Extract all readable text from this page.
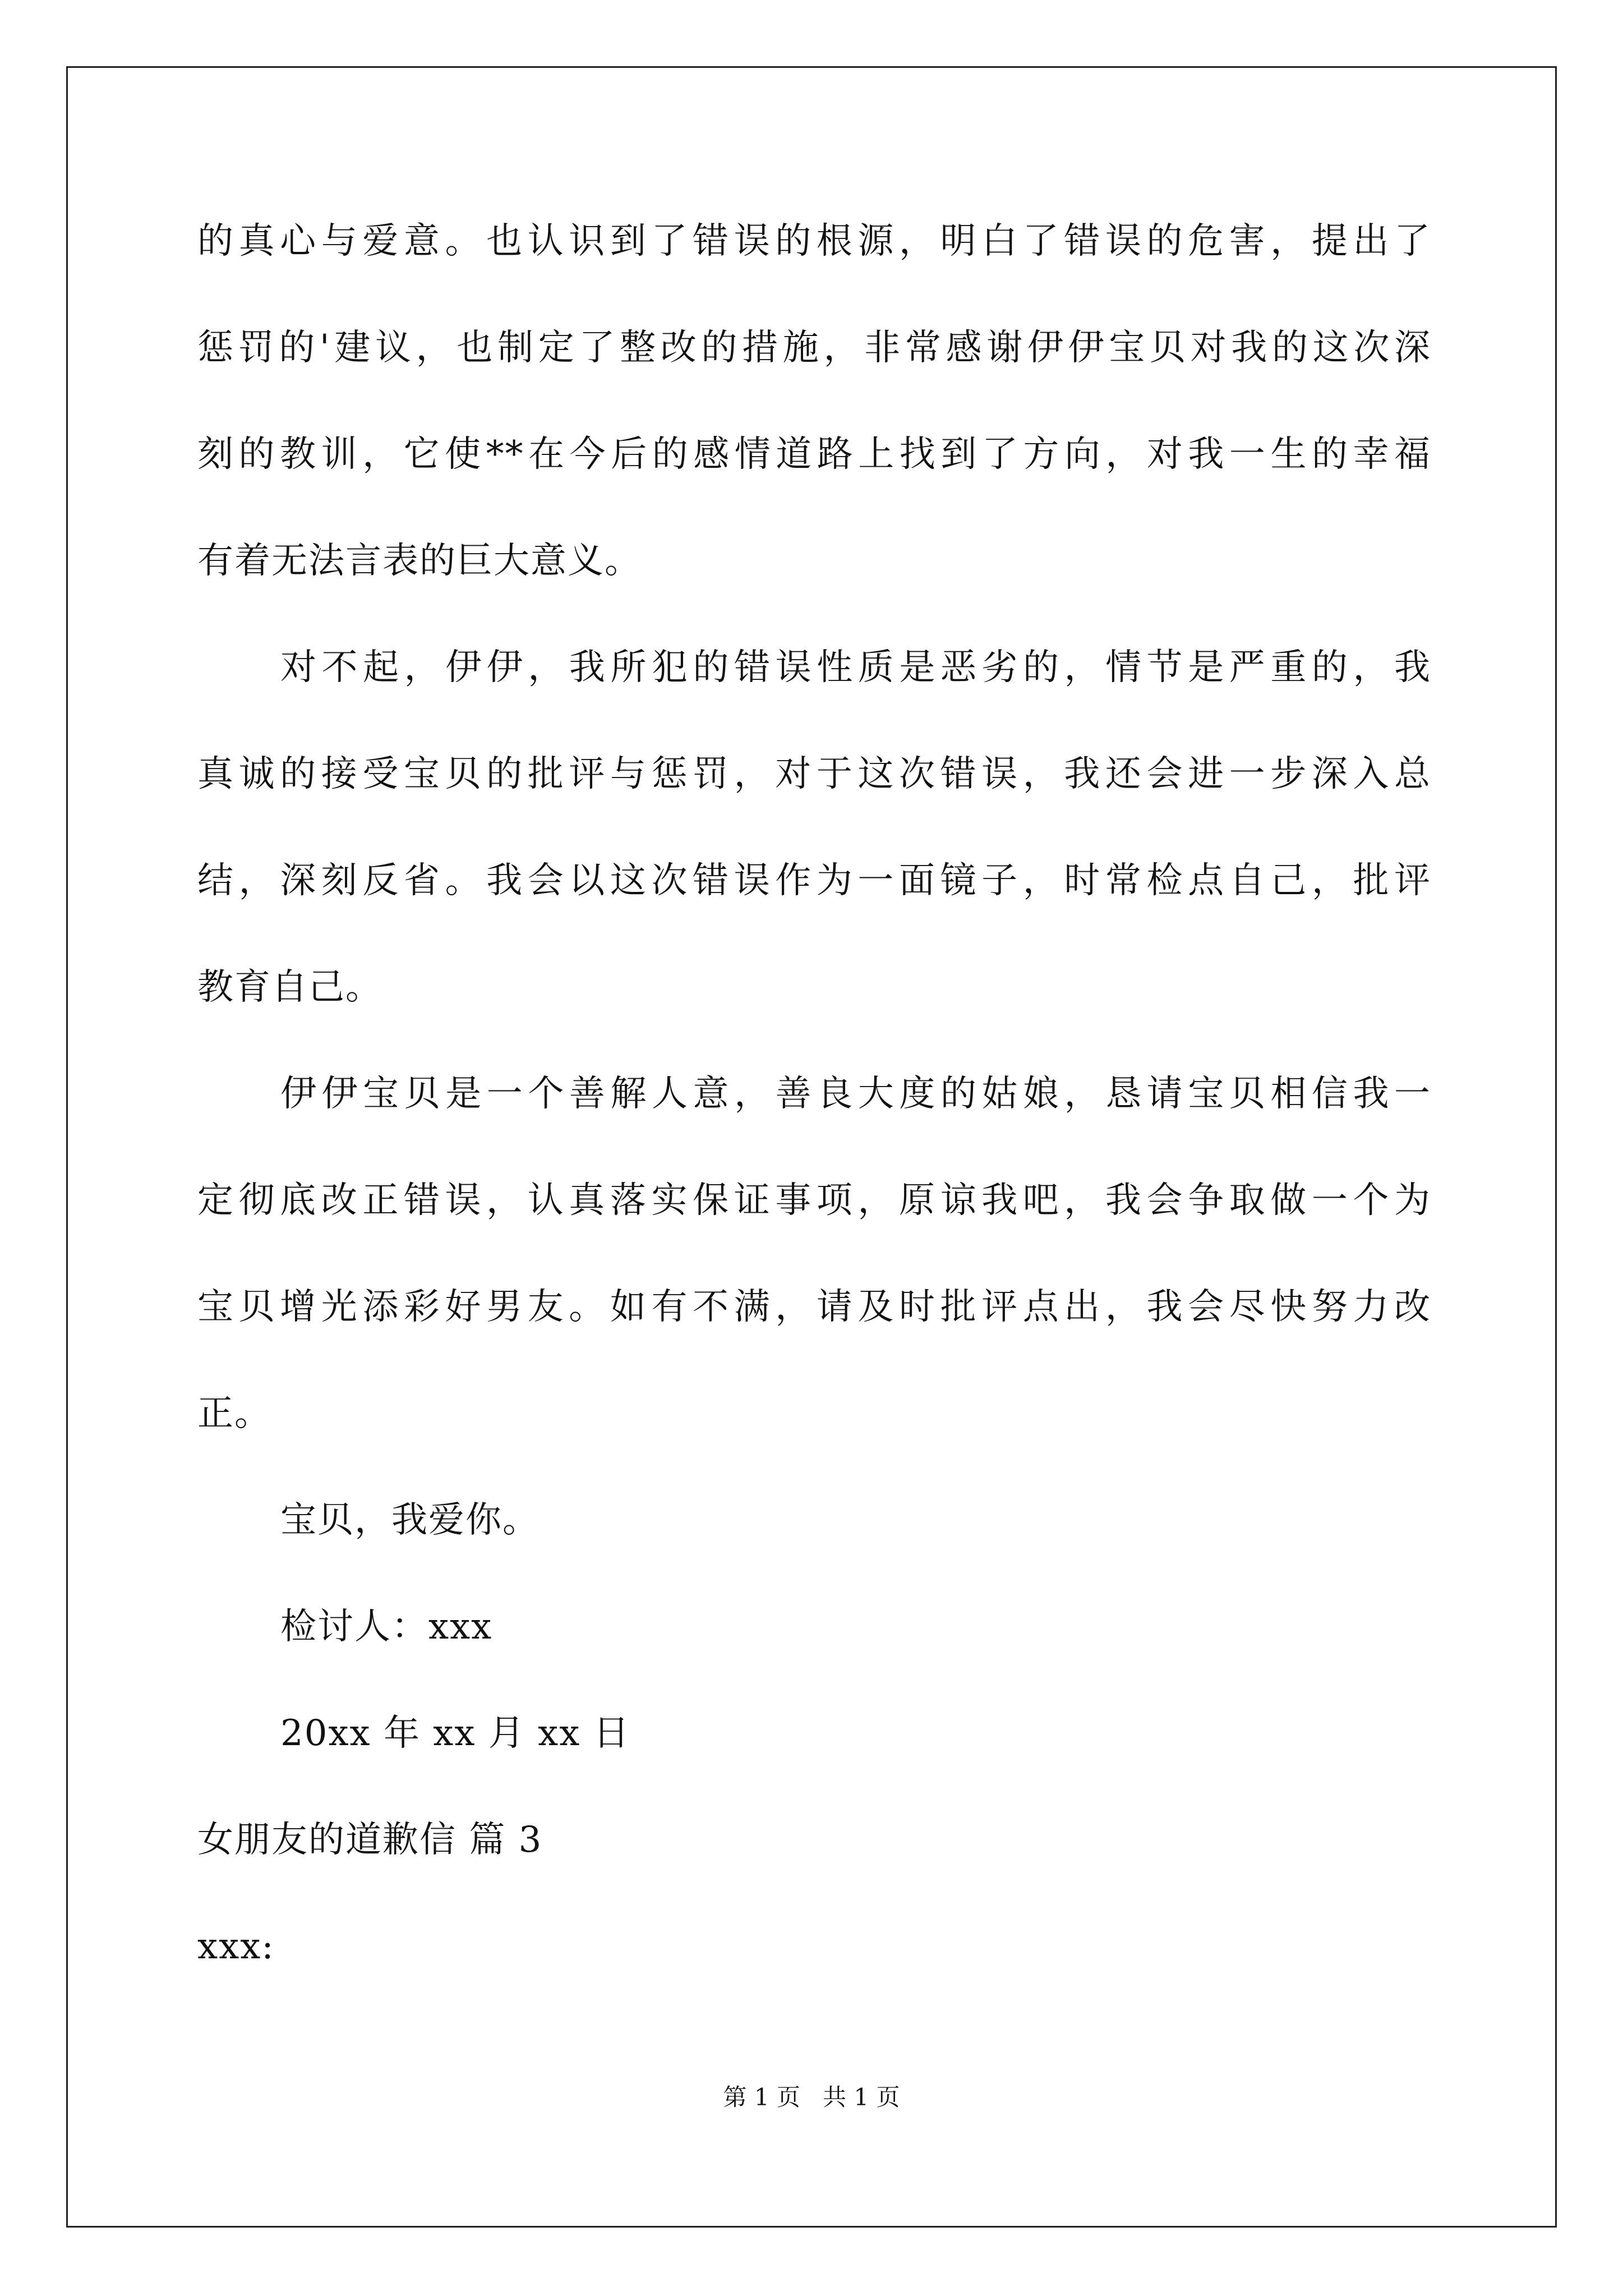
的真心与爱意。也认识到了错误的根源，明白了错误的危害，提出了
惩罚的'建议，也制定了整改的措施，非常感谢伊伊宝贝对我的这次深
刻的教训，它使**在今后的感情道路上找到了方向，对我一生的幸福
有着无法言表的巨大意义。
对不起，伊伊，我所犯的错误性质是恶劣的，情节是严重的，我
真诚的接受宝贝的批评与惩罚，对于这次错误，我还会进一步深入总
结，深刻反省。我会以这次错误作为一面镜子，时常检点自己，批评
教育自己。
伊伊宝贝是一个善解人意，善良大度的姑娘，恳请宝贝相信我一
定彻底改正错误，认真落实保证事项，原谅我吧，我会争取做一个为
宝贝增光添彩好男友。如有不满，请及时批评点出，我会尽快努力改
正。
宝贝，我爱你。
检讨人：xxx
20xx 年 xx 月 xx 日
女朋友的道歉信 篇 3
xxx:
第 1 页   共 1 页
